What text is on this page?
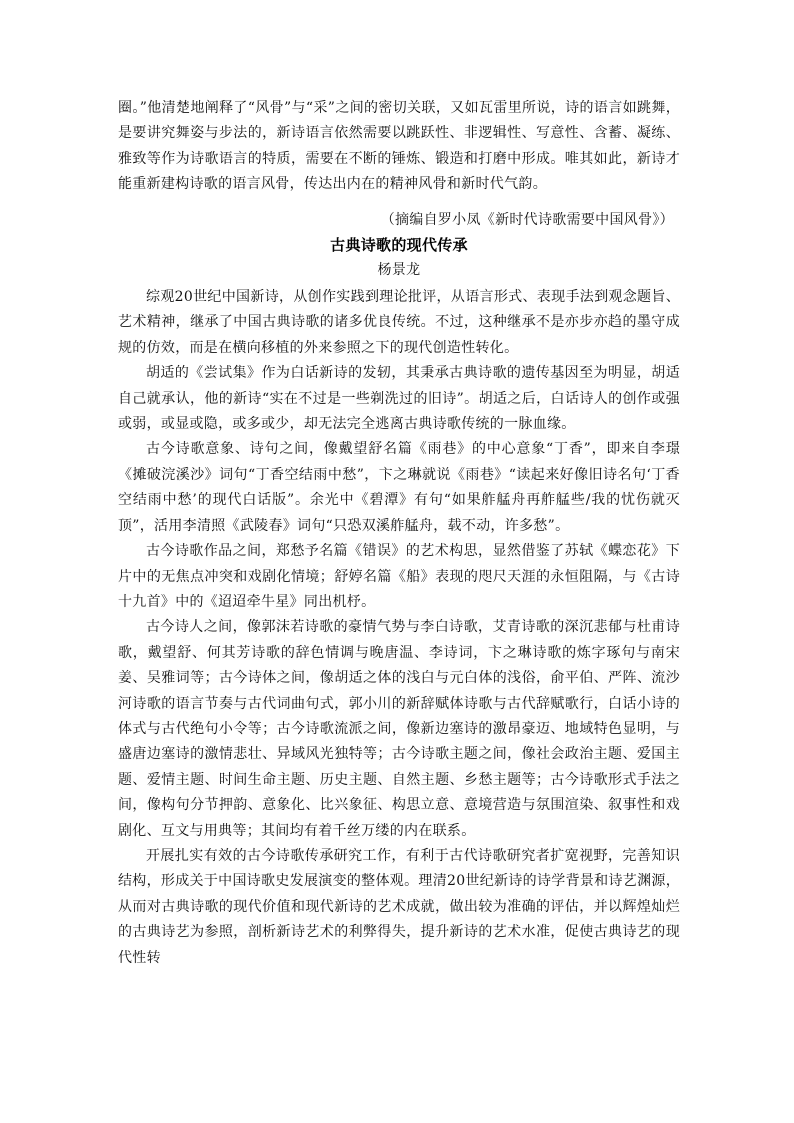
圈。”他清楚地阐释了“风骨”与“采”之间的密切关联，又如瓦雷里所说，诗的语言如跳舞，是要讲究舞姿与步法的，新诗语言依然需要以跳跃性、非逻辑性、写意性、含蓄、凝练、雅致等作为诗歌语言的特质，需要在不断的锤炼、锻造和打磨中形成。唯其如此，新诗才能重新建构诗歌的语言风骨，传达出内在的精神风骨和新时代气韵。

（摘编自罗小凤《新时代诗歌需要中国风骨》）

古典诗歌的现代传承

杨景龙

综观20世纪中国新诗，从创作实践到理论批评，从语言形式、表现手法到观念题旨、艺术精神，继承了中国古典诗歌的诸多优良传统。不过，这种继承不是亦步亦趋的墨守成规的仿效，而是在横向移植的外来参照之下的现代创造性转化。

胡适的《尝试集》作为白话新诗的发轫，其秉承古典诗歌的遗传基因至为明显，胡适自己就承认，他的新诗“实在不过是一些剃洗过的旧诗”。胡适之后，白话诗人的创作或强或弱，或显或隐，或多或少，却无法完全逃离古典诗歌传统的一脉血缘。

古今诗歌意象、诗句之间，像戴望舒名篇《雨巷》的中心意象“丁香”，即来自李璟《摊破浣溪沙》词句“丁香空结雨中愁”，卞之琳就说《雨巷》“读起来好像旧诗名句‘丁香空结雨中愁’的现代白话版”。余光中《碧潭》有句“如果舴艋舟再舴艋些/我的忧伤就灭顶”，活用李清照《武陵春》词句“只恐双溪舴艋舟，载不动，许多愁”。

古今诗歌作品之间，郑愁予名篇《错误》的艺术构思，显然借鉴了苏轼《蝶恋花》下片中的无焦点冲突和戏剧化情境；舒婷名篇《船》表现的咫尺天涯的永恒阻隔，与《古诗十九首》中的《迢迢牵牛星》同出机杼。

古今诗人之间，像郭沫若诗歌的豪情气势与李白诗歌，艾青诗歌的深沉悲郁与杜甫诗歌，戴望舒、何其芳诗歌的辞色情调与晚唐温、李诗词，卞之琳诗歌的炼字琢句与南宋姜、吴雅词等；古今诗体之间，像胡适之体的浅白与元白体的浅俗，俞平伯、严阵、流沙河诗歌的语言节奏与古代词曲句式，郭小川的新辞赋体诗歌与古代辞赋歌行，白话小诗的体式与古代绝句小令等；古今诗歌流派之间，像新边塞诗的激昂豪迈、地域特色显明，与盛唐边塞诗的激情悲壮、异域风光独特等；古今诗歌主题之间，像社会政治主题、爱国主题、爱情主题、时间生命主题、历史主题、自然主题、乡愁主题等；古今诗歌形式手法之间，像构句分节押韵、意象化、比兴象征、构思立意、意境营造与氛围渲染、叙事性和戏剧化、互文与用典等；其间均有着千丝万缕的内在联系。

开展扎实有效的古今诗歌传承研究工作，有利于古代诗歌研究者扩宽视野，完善知识结构，形成关于中国诗歌史发展演变的整体观。理清20世纪新诗的诗学背景和诗艺渊源，从而对古典诗歌的现代价值和现代新诗的艺术成就，做出较为准确的评估，并以辉煌灿烂的古典诗艺为参照，剖析新诗艺术的利弊得失，提升新诗的艺术水准，促使古典诗艺的现代性转
